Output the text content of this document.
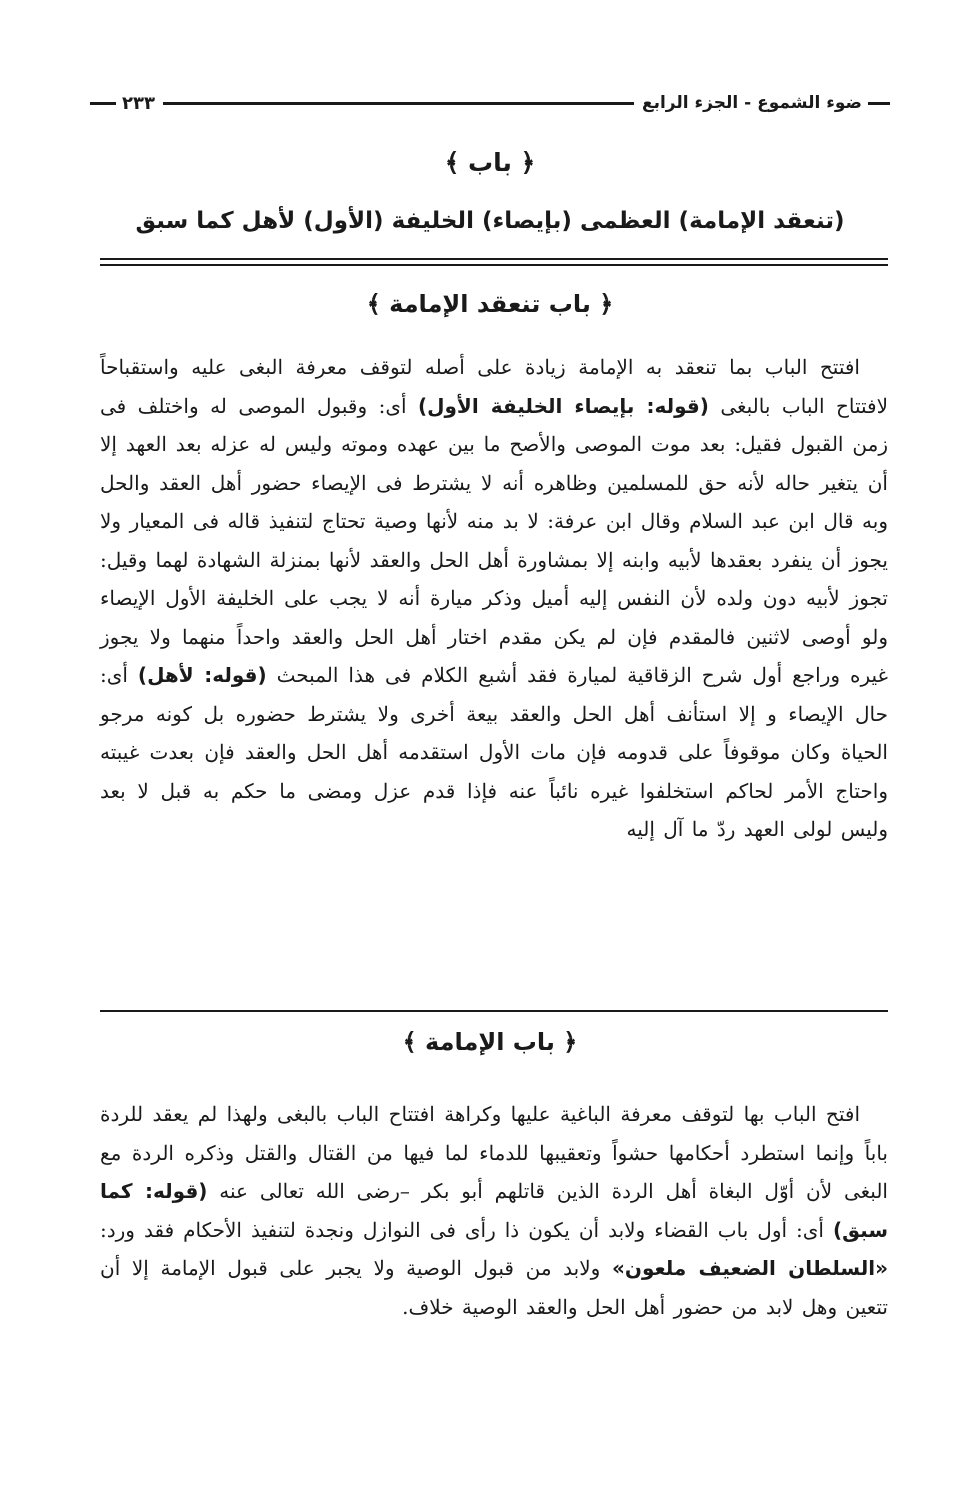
ضوء الشموع - الجزء الرابع
٢٣٣
﴿ باب ﴾
(تنعقد الإمامة) العظمى (بإيصاء) الخليفة (الأول) لأهل كما سبق
﴿ باب تنعقد الإمامة ﴾

افتتح الباب بما تنعقد به الإمامة زيادة على أصله لتوقف معرفة البغى عليه واستقباحاً لافتتاح الباب بالبغى (قوله: بإيصاء الخليفة الأول) أى: وقبول الموصى له واختلف فى زمن القبول فقيل: بعد موت الموصى والأصح ما بين عهده وموته وليس له عزله بعد العهد إلا أن يتغير حاله لأنه حق للمسلمين وظاهره أنه لا يشترط فى الإيصاء حضور أهل العقد والحل وبه قال ابن عبد السلام وقال ابن عرفة: لا بد منه لأنها وصية تحتاج لتنفيذ قاله فى المعيار ولا يجوز أن ينفرد بعقدها لأبيه وابنه إلا بمشاورة أهل الحل والعقد لأنها بمنزلة الشهادة لهما وقيل: تجوز لأبيه دون ولده لأن النفس إليه أميل وذكر ميارة أنه لا يجب على الخليفة الأول الإيصاء ولو أوصى لاثنين فالمقدم فإن لم يكن مقدم اختار أهل الحل والعقد واحداً منهما ولا يجوز غيره وراجع أول شرح الزقاقية لميارة فقد أشبع الكلام فى هذا المبحث (قوله: لأهل) أى: حال الإيصاء و إلا استأنف أهل الحل والعقد بيعة أخرى ولا يشترط حضوره بل كونه مرجو الحياة وكان موقوفاً على قدومه فإن مات الأول استقدمه أهل الحل والعقد فإن بعدت غيبته واحتاج الأمر لحاكم استخلفوا غيره نائباً عنه فإذا قدم عزل ومضى ما حكم به قبل لا بعد وليس لولى العهد ردّ ما آل إليه

﴿ باب الإمامة ﴾

افتح الباب بها لتوقف معرفة الباغية عليها وكراهة افتتاح الباب بالبغى ولهذا لم يعقد للردة باباً وإنما استطرد أحكامها حشواً وتعقيبها للدماء لما فيها من القتال والقتل وذكره الردة مع البغى لأن أوّل البغاة أهل الردة الذين قاتلهم أبو بكر –رضى الله تعالى عنه (قوله: كما سبق) أى: أول باب القضاء ولابد أن يكون ذا رأى فى النوازل ونجدة لتنفيذ الأحكام فقد ورد: «السلطان الضعيف ملعون» ولابد من قبول الوصية ولا يجبر على قبول الإمامة إلا أن تتعين وهل لابد من حضور أهل الحل والعقد الوصية خلاف.
